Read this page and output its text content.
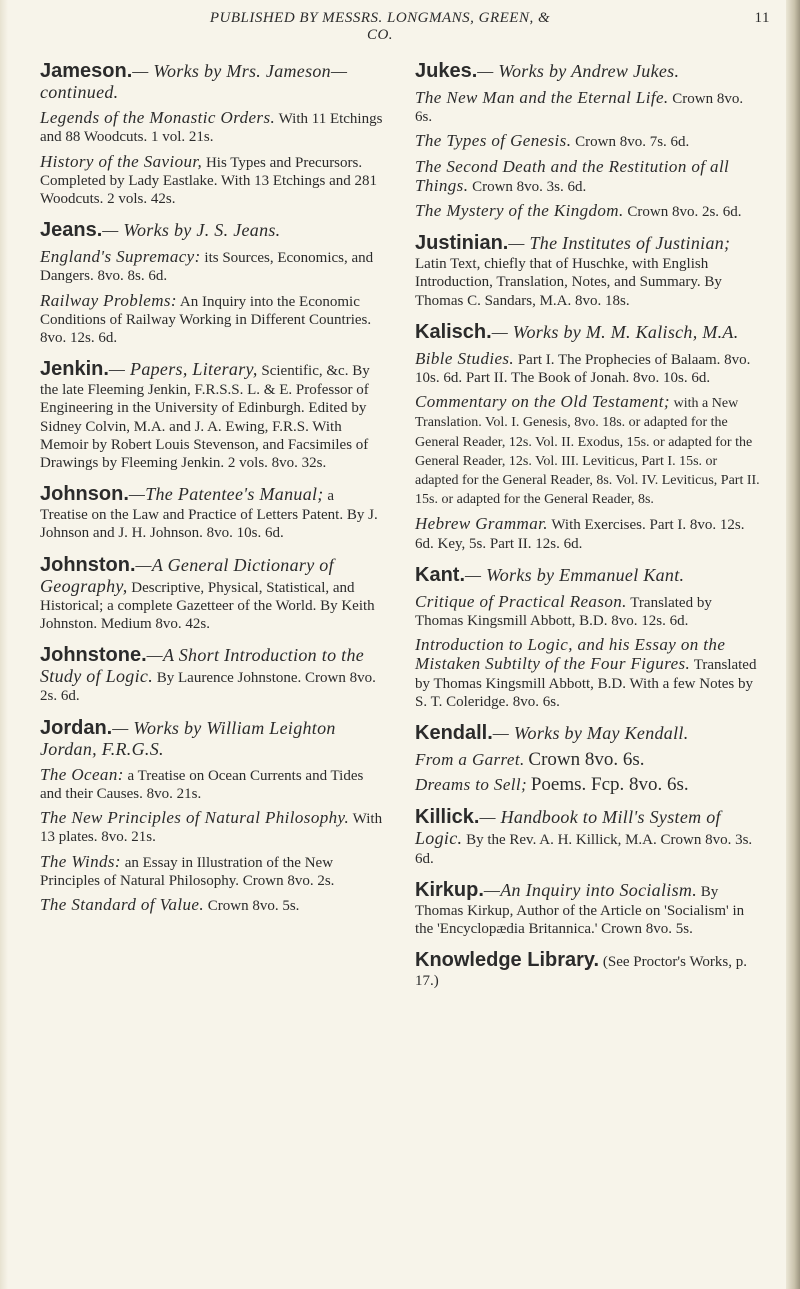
PUBLISHED BY MESSRS. LONGMANS, GREEN, & CO.
11
Jameson.— Works by Mrs. Jameson—continued.
Legends of the Monastic Orders. With 11 Etchings and 88 Woodcuts. 1 vol. 21s.
History of the Saviour, His Types and Precursors. Completed by Lady Eastlake. With 13 Etchings and 281 Woodcuts. 2 vols. 42s.
Jeans.— Works by J. S. Jeans.
England's Supremacy: its Sources, Economics, and Dangers. 8vo. 8s. 6d.
Railway Problems: An Inquiry into the Economic Conditions of Railway Working in Different Countries. 8vo. 12s. 6d.
Jenkin.— Papers, Literary, Scientific, &c. By the late Fleeming Jenkin, F.R.S.S. L. & E. Professor of Engineering in the University of Edinburgh. Edited by Sidney Colvin, M.A. and J. A. Ewing, F.R.S. With Memoir by Robert Louis Stevenson, and Facsimiles of Drawings by Fleeming Jenkin. 2 vols. 8vo. 32s.
Johnson.—The Patentee's Manual; a Treatise on the Law and Practice of Letters Patent. By J. Johnson and J. H. Johnson. 8vo. 10s. 6d.
Johnston.—A General Dictionary of Geography, Descriptive, Physical, Statistical, and Historical; a complete Gazetteer of the World. By Keith Johnston. Medium 8vo. 42s.
Johnstone.—A Short Introduction to the Study of Logic. By Laurence Johnstone. Crown 8vo. 2s. 6d.
Jordan.— Works by William Leighton Jordan, F.R.G.S.
The Ocean: a Treatise on Ocean Currents and Tides and their Causes. 8vo. 21s.
The New Principles of Natural Philosophy. With 13 plates. 8vo. 21s.
The Winds: an Essay in Illustration of the New Principles of Natural Philosophy. Crown 8vo. 2s.
The Standard of Value. Crown 8vo. 5s.
Jukes.— Works by Andrew Jukes.
The New Man and the Eternal Life. Crown 8vo. 6s.
The Types of Genesis. Crown 8vo. 7s. 6d.
The Second Death and the Restitution of all Things. Crown 8vo. 3s. 6d.
The Mystery of the Kingdom. Crown 8vo. 2s. 6d.
Justinian.— The Institutes of Justinian; Latin Text, chiefly that of Huschke, with English Introduction, Translation, Notes, and Summary. By Thomas C. Sandars, M.A. 8vo. 18s.
Kalisch.— Works by M. M. Kalisch, M.A.
Bible Studies. Part I. The Prophecies of Balaam. 8vo. 10s. 6d. Part II. The Book of Jonah. 8vo. 10s. 6d.
Commentary on the Old Testament; with a New Translation. Vol. I. Genesis, 8vo. 18s. or adapted for the General Reader, 12s. Vol. II. Exodus, 15s. or adapted for the General Reader, 12s. Vol. III. Leviticus, Part I. 15s. or adapted for the General Reader, 8s. Vol. IV. Leviticus, Part II. 15s. or adapted for the General Reader, 8s.
Hebrew Grammar. With Exercises. Part I. 8vo. 12s. 6d. Key, 5s. Part II. 12s. 6d.
Kant.— Works by Emmanuel Kant.
Critique of Practical Reason. Translated by Thomas Kingsmill Abbott, B.D. 8vo. 12s. 6d.
Introduction to Logic, and his Essay on the Mistaken Subtilty of the Four Figures. Translated by Thomas Kingsmill Abbott, B.D. With a few Notes by S. T. Coleridge. 8vo. 6s.
Kendall.— Works by May Kendall.
From a Garret. Crown 8vo. 6s.
Dreams to Sell; Poems. Fcp. 8vo. 6s.
Killick.— Handbook to Mill's System of Logic. By the Rev. A. H. Killick, M.A. Crown 8vo. 3s. 6d.
Kirkup.—An Inquiry into Socialism. By Thomas Kirkup, Author of the Article on 'Socialism' in the 'Encyclopædia Britannica.' Crown 8vo. 5s.
Knowledge Library. (See Proctor's Works, p. 17.)
